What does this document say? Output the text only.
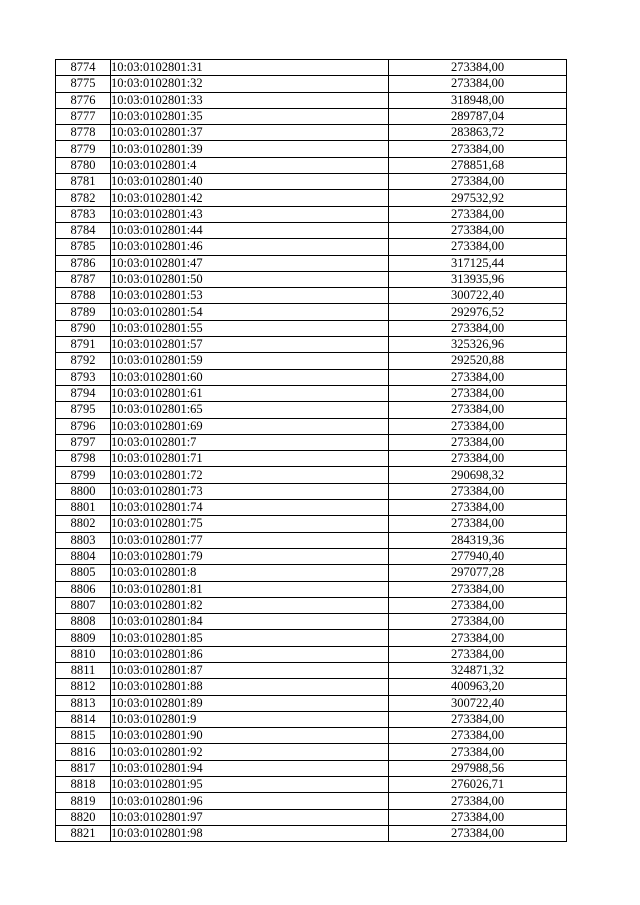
8774	10:03:0102801:31	273384,00
8775	10:03:0102801:32	273384,00
8776	10:03:0102801:33	318948,00
8777	10:03:0102801:35	289787,04
8778	10:03:0102801:37	283863,72
8779	10:03:0102801:39	273384,00
8780	10:03:0102801:4	278851,68
8781	10:03:0102801:40	273384,00
8782	10:03:0102801:42	297532,92
8783	10:03:0102801:43	273384,00
8784	10:03:0102801:44	273384,00
8785	10:03:0102801:46	273384,00
8786	10:03:0102801:47	317125,44
8787	10:03:0102801:50	313935,96
8788	10:03:0102801:53	300722,40
8789	10:03:0102801:54	292976,52
8790	10:03:0102801:55	273384,00
8791	10:03:0102801:57	325326,96
8792	10:03:0102801:59	292520,88
8793	10:03:0102801:60	273384,00
8794	10:03:0102801:61	273384,00
8795	10:03:0102801:65	273384,00
8796	10:03:0102801:69	273384,00
8797	10:03:0102801:7	273384,00
8798	10:03:0102801:71	273384,00
8799	10:03:0102801:72	290698,32
8800	10:03:0102801:73	273384,00
8801	10:03:0102801:74	273384,00
8802	10:03:0102801:75	273384,00
8803	10:03:0102801:77	284319,36
8804	10:03:0102801:79	277940,40
8805	10:03:0102801:8	297077,28
8806	10:03:0102801:81	273384,00
8807	10:03:0102801:82	273384,00
8808	10:03:0102801:84	273384,00
8809	10:03:0102801:85	273384,00
8810	10:03:0102801:86	273384,00
8811	10:03:0102801:87	324871,32
8812	10:03:0102801:88	400963,20
8813	10:03:0102801:89	300722,40
8814	10:03:0102801:9	273384,00
8815	10:03:0102801:90	273384,00
8816	10:03:0102801:92	273384,00
8817	10:03:0102801:94	297988,56
8818	10:03:0102801:95	276026,71
8819	10:03:0102801:96	273384,00
8820	10:03:0102801:97	273384,00
8821	10:03:0102801:98	273384,00
